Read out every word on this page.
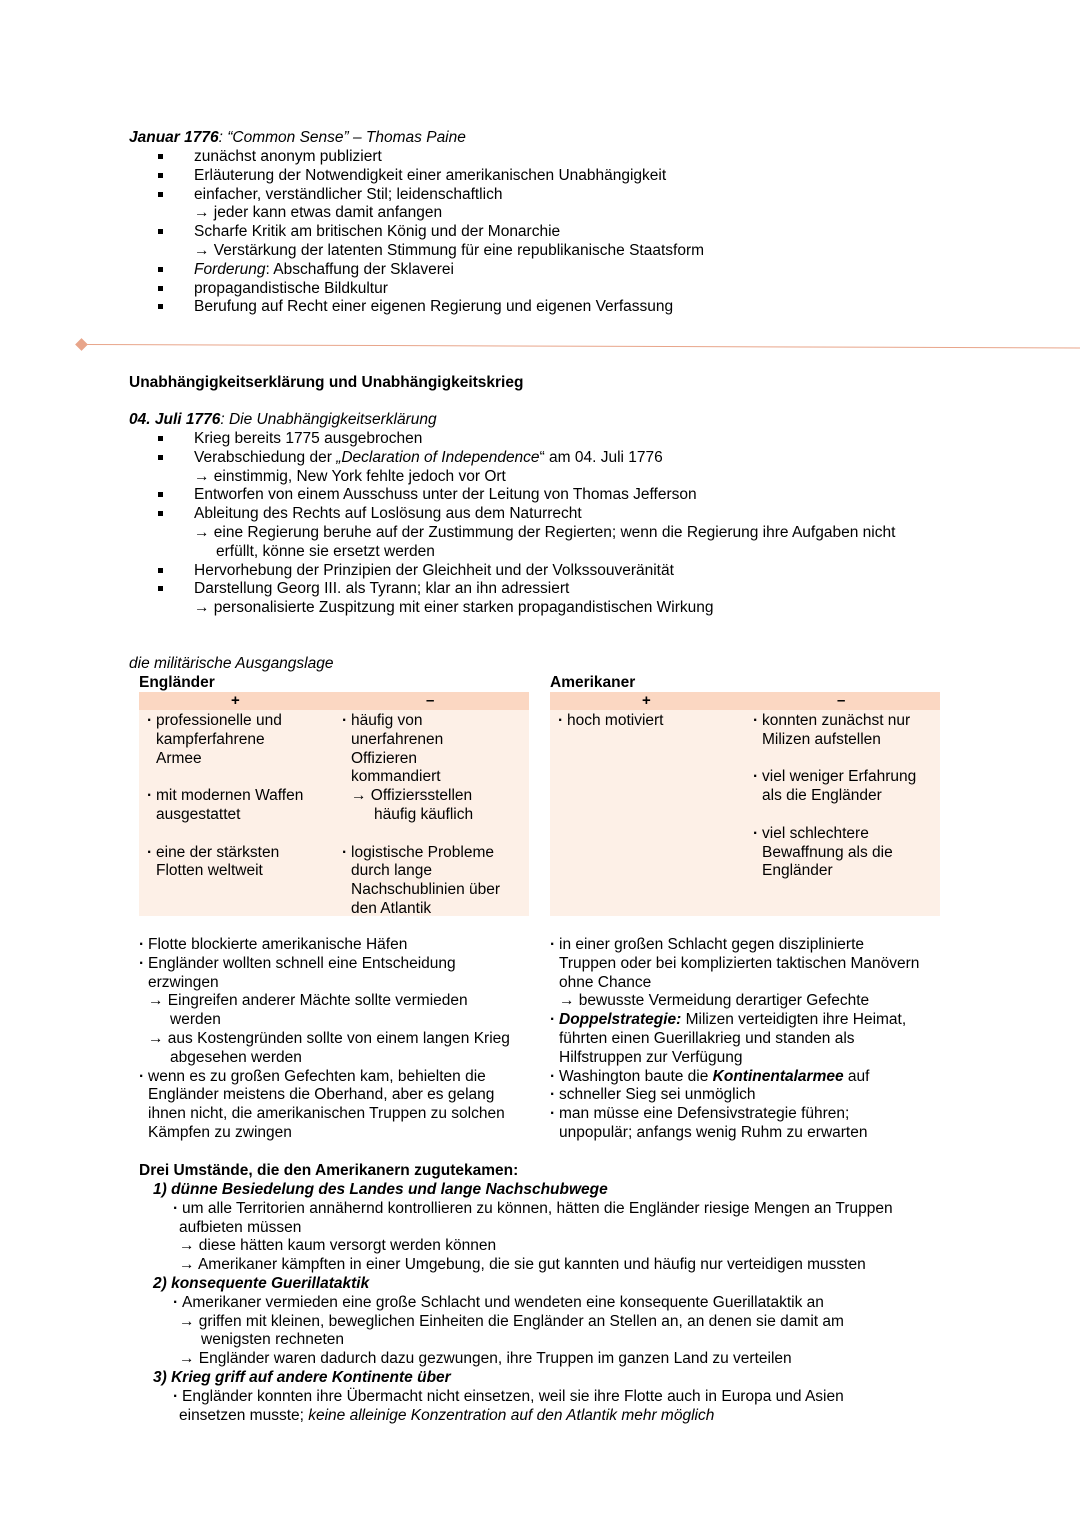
Januar 1776: “Common Sense” – Thomas Paine
zunächst anonym publiziert
Erläuterung der Notwendigkeit einer amerikanischen Unabhängigkeit
einfacher, verständlicher Stil; leidenschaftlich
→ jeder kann etwas damit anfangen
Scharfe Kritik am britischen König und der Monarchie
→ Verstärkung der latenten Stimmung für eine republikanische Staatsform
Forderung: Abschaffung der Sklaverei
propagandistische Bildkultur
Berufung auf Recht einer eigenen Regierung und eigenen Verfassung
Unabhängigkeitserklärung und Unabhängigkeitskrieg
04. Juli 1776: Die Unabhängigkeitserklärung
Krieg bereits 1775 ausgebrochen
Verabschiedung der „Declaration of Independence“ am 04. Juli 1776
→ einstimmig, New York fehlte jedoch vor Ort
Entworfen von einem Ausschuss unter der Leitung von Thomas Jefferson
Ableitung des Rechts auf Loslösung aus dem Naturrecht
→ eine Regierung beruhe auf der Zustimmung der Regierten; wenn die Regierung ihre Aufgaben nicht
erfüllt, könne sie ersetzt werden
Hervorhebung der Prinzipien der Gleichheit und der Volkssouveränität
Darstellung Georg III. als Tyrann; klar an ihn adressiert
→ personalisierte Zuspitzung mit einer starken propagandistischen Wirkung
die militärische Ausgangslage
Engländer	Amerikaner
+	–	+	–
· professionelle und
kampferfahrene
Armee
· mit modernen Waffen
ausgestattet
· eine der stärksten
Flotten weltweit
· häufig von
unerfahrenen
Offizieren
kommandiert
→ Offiziersstellen
häufig käuflich
· logistische Probleme
durch lange
Nachschublinien über
den Atlantik
· hoch motiviert
·	konnten zunächst nur
Milizen aufstellen
· viel weniger Erfahrung
als die Engländer
· viel schlechtere
Bewaffnung als die
Engländer
· Flotte blockierte amerikanische Häfen
· Engländer wollten schnell eine Entscheidung
erzwingen
→ Eingreifen anderer Mächte sollte vermieden
werden
→ aus Kostengründen sollte von einem langen Krieg
abgesehen werden
· wenn es zu großen Gefechten kam, behielten die
Engländer meistens die Oberhand, aber es gelang
ihnen nicht, die amerikanischen Truppen zu solchen
Kämpfen zu zwingen
· in einer großen Schlacht gegen disziplinierte
Truppen oder bei komplizierten taktischen Manövern
ohne Chance
→ bewusste Vermeidung derartiger Gefechte
· Doppelstrategie: Milizen verteidigten ihre Heimat,
führten einen Guerillakrieg und standen als
Hilfstruppen zur Verfügung
· Washington baute die Kontinentalarmee auf
· schneller Sieg sei unmöglich
· man müsse eine Defensivstrategie führen;
unpopulär; anfangs wenig Ruhm zu erwarten
Drei Umstände, die den Amerikanern zugutekamen:
1) dünne Besiedelung des Landes und lange Nachschubwege
· um alle Territorien annähernd kontrollieren zu können, hätten die Engländer riesige Mengen an Truppen
aufbieten müssen
→ diese hätten kaum versorgt werden können
→ Amerikaner kämpften in einer Umgebung, die sie gut kannten und häufig nur verteidigen mussten
2) konsequente Guerillataktik
· Amerikaner vermieden eine große Schlacht und wendeten eine konsequente Guerillataktik an
→ griffen mit kleinen, beweglichen Einheiten die Engländer an Stellen an, an denen sie damit am
wenigsten rechneten
→ Engländer waren dadurch dazu gezwungen, ihre Truppen im ganzen Land zu verteilen
3) Krieg griff auf andere Kontinente über
· Engländer konnten ihre Übermacht nicht einsetzen, weil sie ihre Flotte auch in Europa und Asien
einsetzen musste; keine alleinige Konzentration auf den Atlantik mehr möglich
